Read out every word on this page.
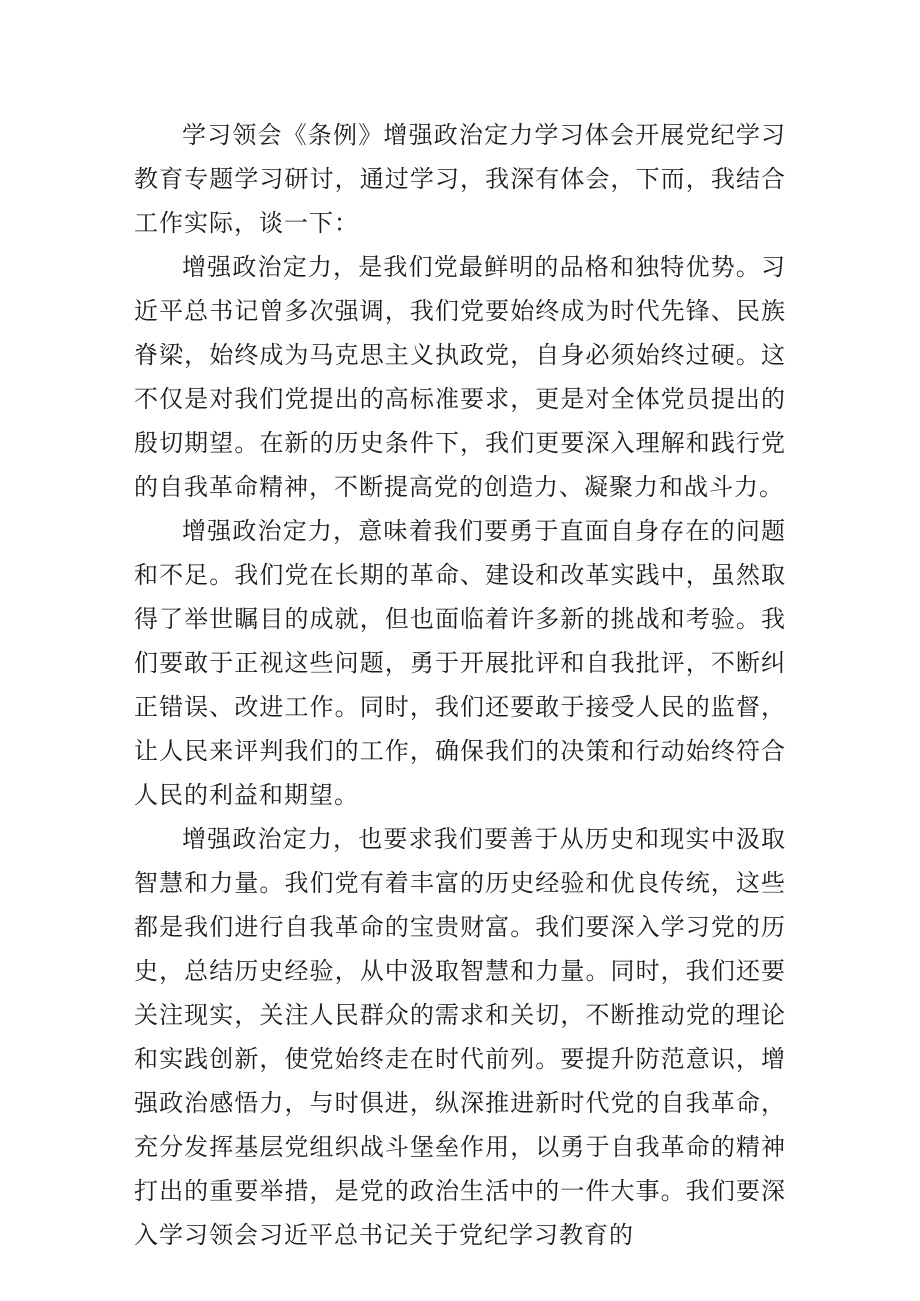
学习领会《条例》增强政治定力学习体会开展党纪学习教育专题学习研讨，通过学习，我深有体会，下而，我结合工作实际，谈一下：

增强政治定力，是我们党最鲜明的品格和独特优势。习近平总书记曾多次强调，我们党要始终成为时代先锋、民族脊梁，始终成为马克思主义执政党，自身必须始终过硬。这不仅是对我们党提出的高标准要求，更是对全体党员提出的殷切期望。在新的历史条件下，我们更要深入理解和践行党的自我革命精神，不断提高党的创造力、凝聚力和战斗力。

增强政治定力，意味着我们要勇于直面自身存在的问题和不足。我们党在长期的革命、建设和改革实践中，虽然取得了举世瞩目的成就，但也面临着许多新的挑战和考验。我们要敢于正视这些问题，勇于开展批评和自我批评，不断纠正错误、改进工作。同时，我们还要敢于接受人民的监督，让人民来评判我们的工作，确保我们的决策和行动始终符合人民的利益和期望。

增强政治定力，也要求我们要善于从历史和现实中汲取智慧和力量。我们党有着丰富的历史经验和优良传统，这些都是我们进行自我革命的宝贵财富。我们要深入学习党的历史，总结历史经验，从中汲取智慧和力量。同时，我们还要关注现实，关注人民群众的需求和关切，不断推动党的理论和实践创新，使党始终走在时代前列。要提升防范意识，增强政治感悟力，与时俱进，纵深推进新时代党的自我革命，充分发挥基层党组织战斗堡垒作用，以勇于自我革命的精神打出的重要举措，是党的政治生活中的一件大事。我们要深入学习领会习近平总书记关于党纪学习教育的
